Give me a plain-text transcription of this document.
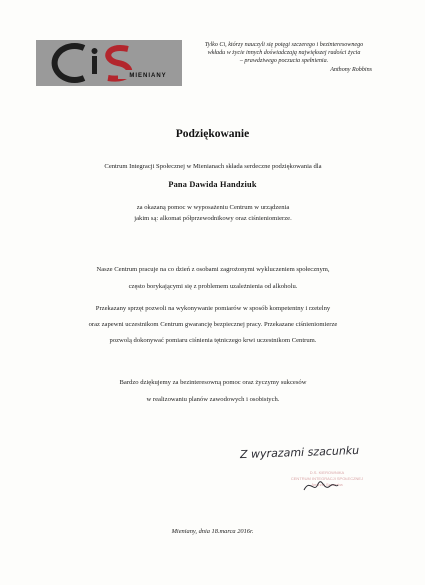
MIENIANY
Tylko Ci, którzy nauczyli się potęgi szczerego i bezinteresownego
wkładu w życie innych doświadczają największej radości życia
– prawdziwego poczucia spełnienia.
Anthony Robbins
Podziękowanie
Centrum Integracji Społecznej w Mienianach składa serdeczne podziękowania dla
Pana Dawida Handziuk
za okazaną pomoc w wyposażeniu Centrum w urządzenia
jakim są: alkomat półprzewodnikowy oraz ciśnieniomierze.
Nasze Centrum pracuje na co dzień z osobami zagrożonymi wykluczeniem społecznym,
często borykającymi się z problemem uzależnienia od alkoholu.
Przekazany sprzęt pozwoli na wykonywanie pomiarów w sposób kompetentny i rzetelny
oraz zapewni uczestnikom Centrum gwarancję bezpiecznej pracy. Przekazane ciśnieniomierze
pozwolą dokonywać pomiaru ciśnienia tętniczego krwi uczestnikom Centrum.
Bardzo dziękujemy za bezinteresowną pomoc oraz życzymy sukcesów
w realizowaniu planów zawodowych i osobistych.
Z wyrazami szacunku
D.S. KIEROWNIKA
CENTRUM INTEGRACJI SPOŁECZNEJ
Andrzej Szczerba
Mieniany, dnia 18.marca 2016r.
